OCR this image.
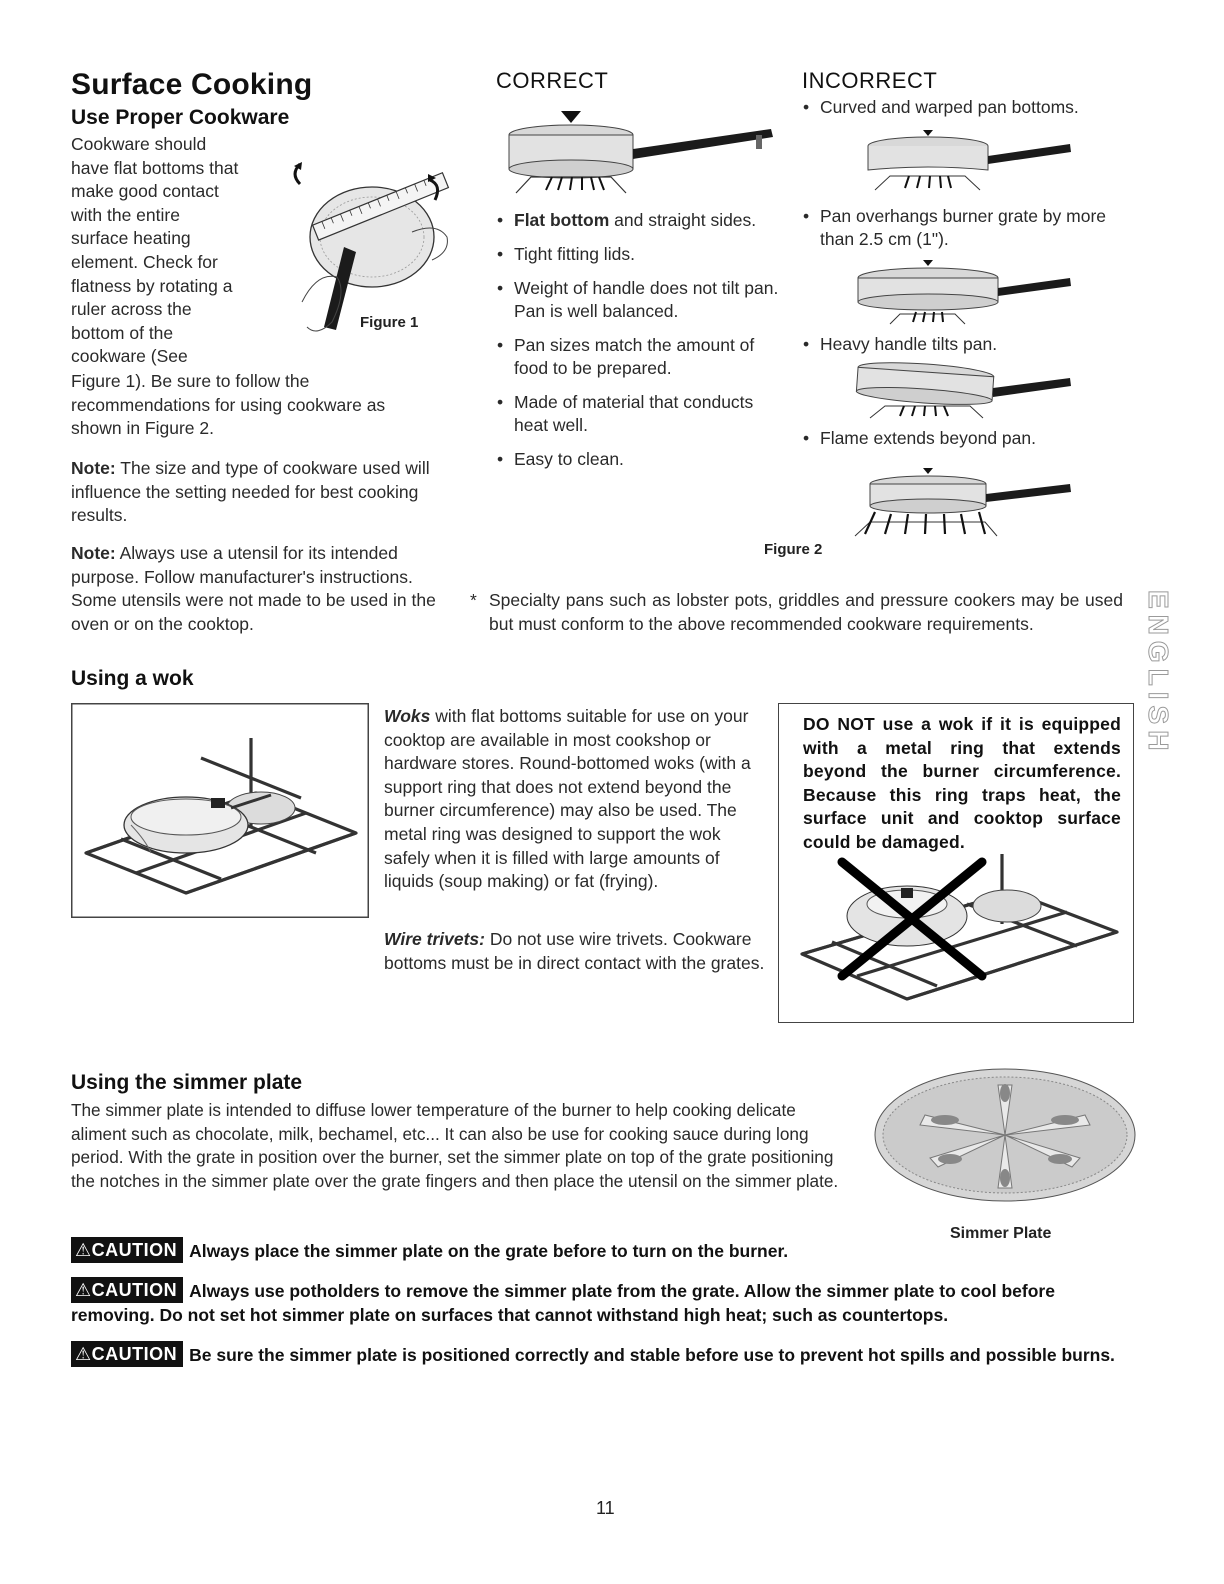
Surface Cooking
Use Proper Cookware
Cookware should
have flat bottoms that
make good contact
with the entire
surface heating
element. Check for
flatness by rotating a
ruler across the
bottom of the
cookware (See
Figure 1). Be sure to follow the
recommendations for using cookware as
shown in Figure 2.
Figure 1
Note: The size and type of cookware used will influence the setting needed for best cooking results.
Note: Always use a utensil for its intended purpose. Follow manufacturer's instructions. Some utensils were not made to be used in the oven or on the cooktop.
CORRECT
• Flat bottom and straight sides.
• Tight fitting lids.
• Weight of handle does not tilt pan. Pan is well balanced.
• Pan sizes match the amount of food to be prepared.
• Made of material that conducts heat well.
• Easy to clean.
INCORRECT
• Curved and warped pan bottoms.
• Pan overhangs burner grate by more than 2.5 cm (1").
• Heavy handle tilts pan.
• Flame extends beyond pan.
Figure 2
* Specialty pans such as lobster pots, griddles and pressure cookers may be used but must conform to the above recommended cookware requirements.	ENGLISH
Using a wok
Woks with flat bottoms suitable for use on your cooktop are available in most cookshop or hardware stores. Round-bottomed woks (with a support ring that does not extend beyond the burner circumference) may also be used. The metal ring was designed to support the wok safely when it is filled with large amounts of liquids (soup making) or fat (frying).
Wire trivets: Do not use wire trivets. Cookware bottoms must be in direct contact with the grates.
DO NOT use a wok if it is equipped with a metal ring that extends beyond the burner circumference. Because this ring traps heat, the surface unit and cooktop surface could be damaged.
Using the simmer plate
The simmer plate is intended to diffuse lower temperature of the burner to help cooking delicate aliment such as chocolate, milk, bechamel, etc... It can also be use for cooking sauce during long period. With the grate in position over the burner, set the simmer plate on top of the grate positioning the notches in the simmer plate over the grate fingers and then place the utensil on the simmer plate.
Simmer Plate
⚠CAUTION Always place the simmer plate on the grate before to turn on the burner.
⚠CAUTION Always use potholders to remove the simmer plate from the grate. Allow the simmer plate to cool before removing. Do not set hot simmer plate on surfaces that cannot withstand high heat; such as countertops.
⚠CAUTION Be sure the simmer plate is positioned correctly and stable before use to prevent hot spills and possible burns.
11
